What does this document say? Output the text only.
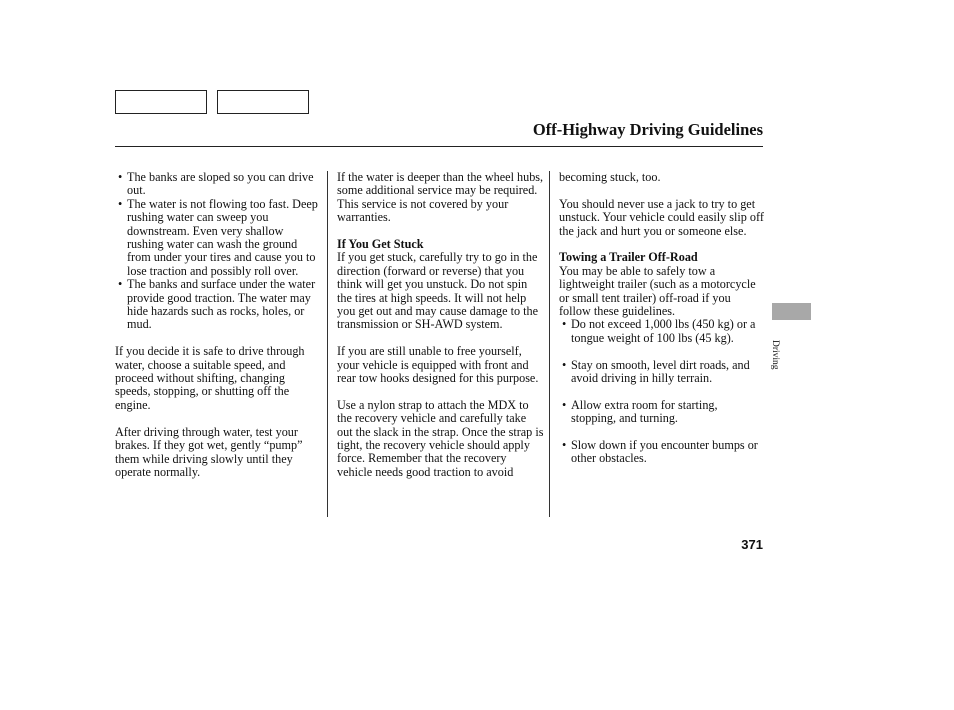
Off-Highway Driving Guidelines
• The banks are sloped so you can drive out.
• The water is not flowing too fast. Deep rushing water can sweep you downstream. Even very shallow rushing water can wash the ground from under your tires and cause you to lose traction and possibly roll over.
• The banks and surface under the water provide good traction. The water may hide hazards such as rocks, holes, or mud.

If you decide it is safe to drive through water, choose a suitable speed, and proceed without shifting, changing speeds, stopping, or shutting off the engine.

After driving through water, test your brakes. If they got wet, gently “pump” them while driving slowly until they operate normally.

If the water is deeper than the wheel hubs, some additional service may be required. This service is not covered by your warranties.

If You Get Stuck

If you get stuck, carefully try to go in the direction (forward or reverse) that you think will get you unstuck. Do not spin the tires at high speeds. It will not help you get out and may cause damage to the transmission or SH-AWD system.

If you are still unable to free yourself, your vehicle is equipped with front and rear tow hooks designed for this purpose.

Use a nylon strap to attach the MDX to the recovery vehicle and carefully take out the slack in the strap. Once the strap is tight, the recovery vehicle should apply force. Remember that the recovery vehicle needs good traction to avoid

becoming stuck, too.

You should never use a jack to try to get unstuck. Your vehicle could easily slip off the jack and hurt you or someone else.

Towing a Trailer Off-Road

You may be able to safely tow a lightweight trailer (such as a motorcycle or small tent trailer) off-road if you follow these guidelines.

• Do not exceed 1,000 lbs (450 kg) or a tongue weight of 100 lbs (45 kg).
• Stay on smooth, level dirt roads, and avoid driving in hilly terrain.
• Allow extra room for starting, stopping, and turning.
• Slow down if you encounter bumps or other obstacles.
Driving
371
